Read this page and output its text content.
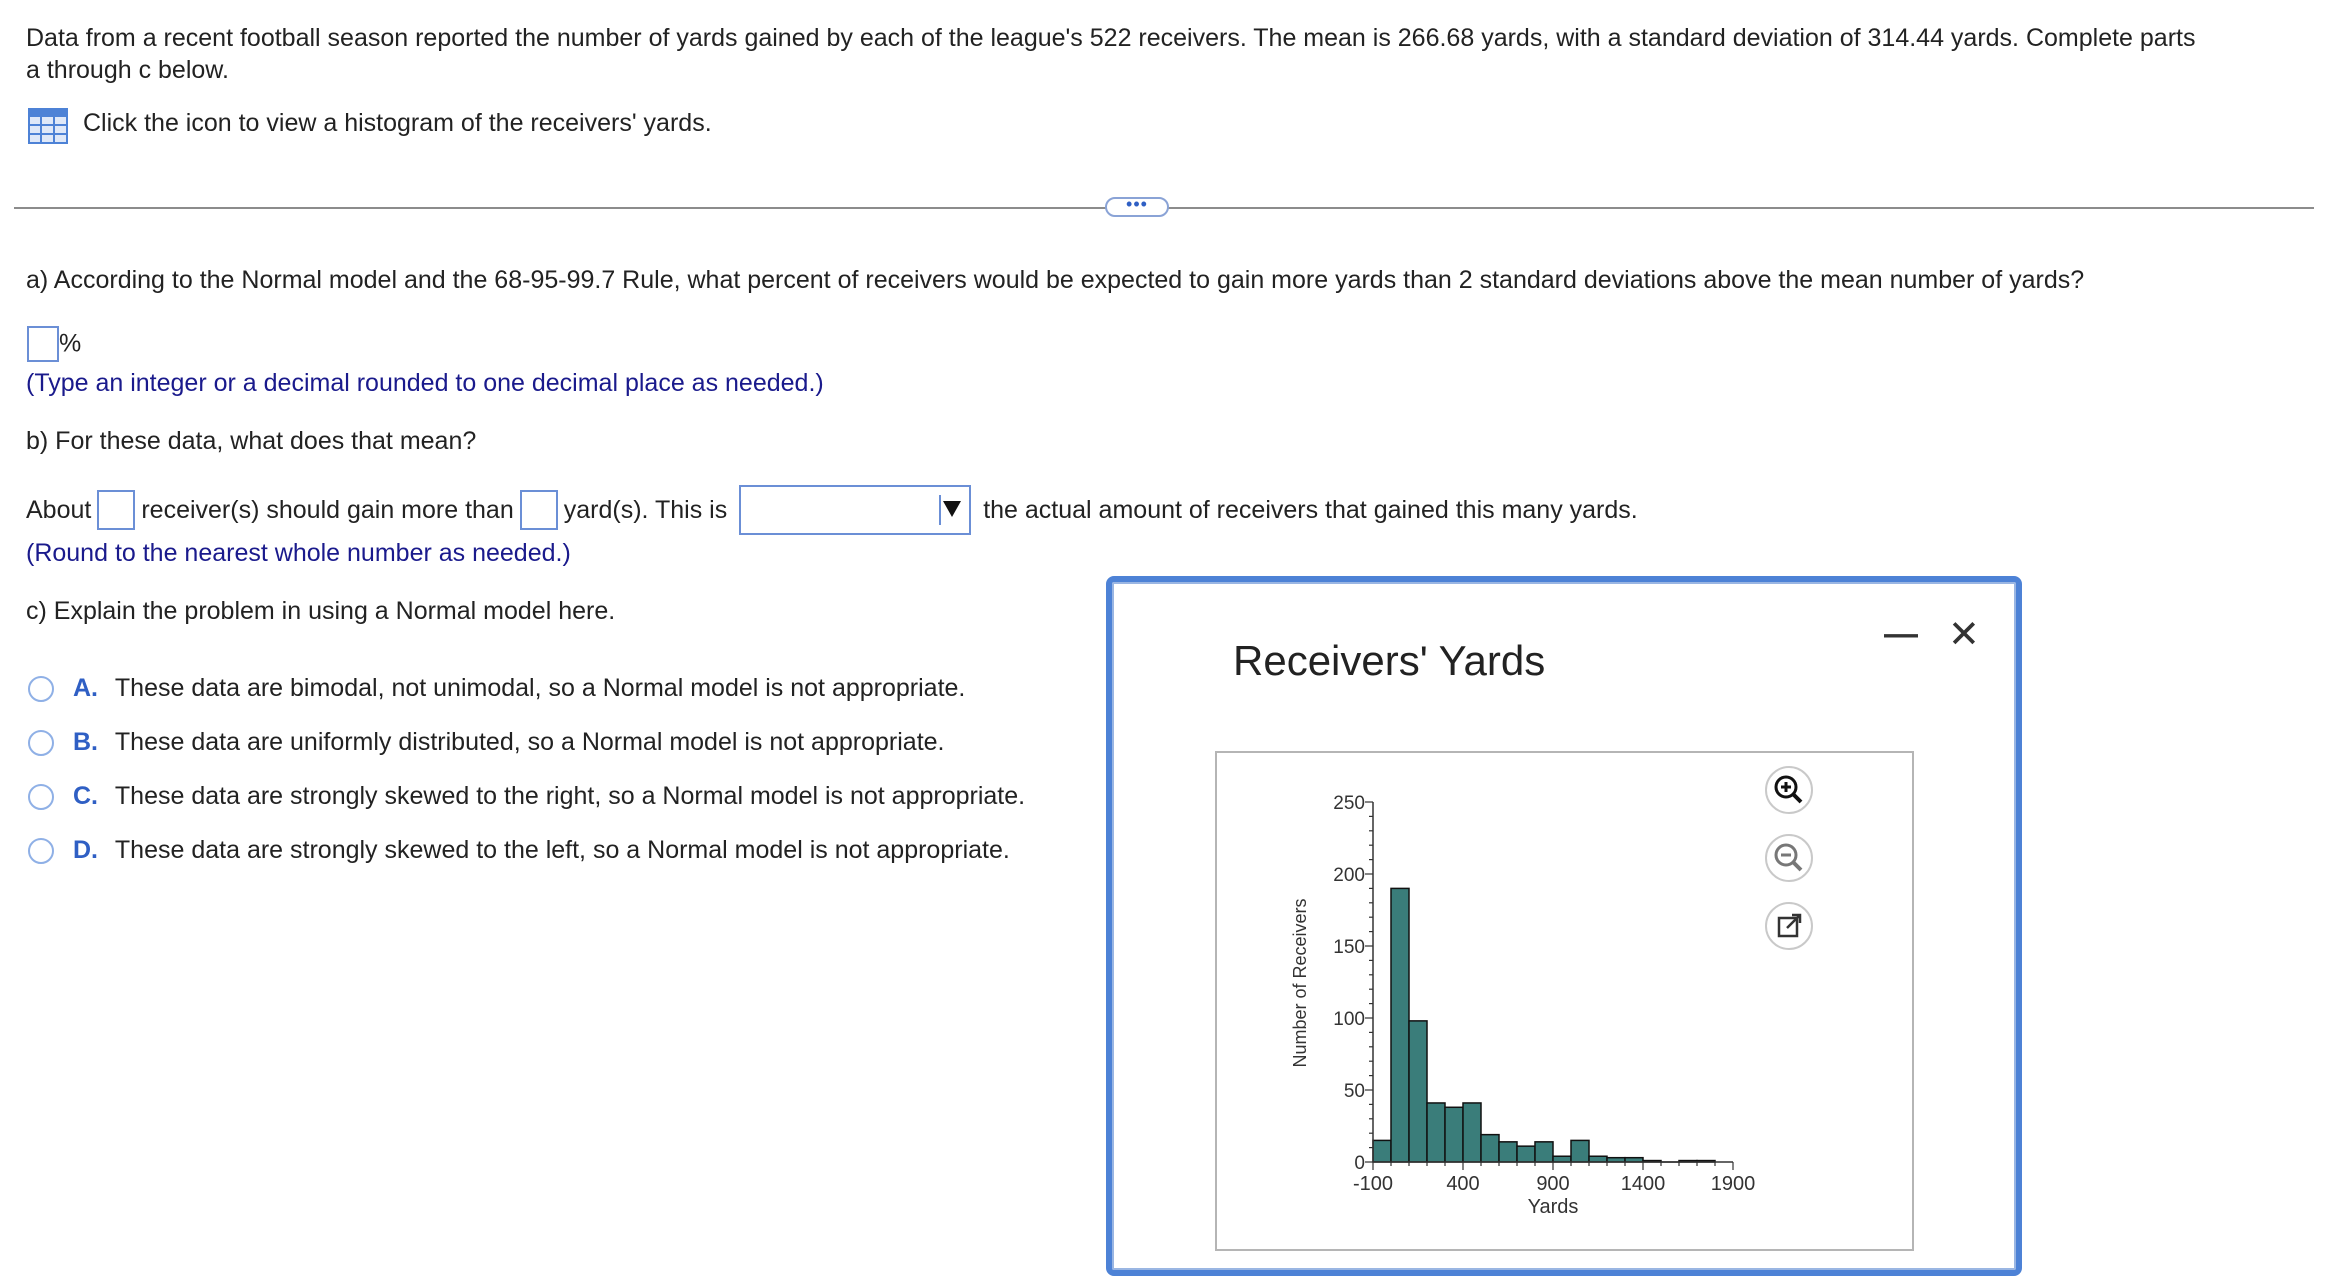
Data from a recent football season reported the number of yards gained by each of the league's 522 receivers. The mean is 266.68 yards, with a standard deviation of 314.44 yards. Complete parts
a through c below.
Click the icon to view a histogram of the receivers' yards.
•••
a) According to the Normal model and the 68-95-99.7 Rule, what percent of receivers would be expected to gain more yards than 2 standard deviations above the mean number of yards?
%
(Type an integer or a decimal rounded to one decimal place as needed.)
b) For these data, what does that mean?
About receiver(s) should gain more than yard(s). This is	the actual amount of receivers that gained this many yards.
(Round to the nearest whole number as needed.)
c) Explain the problem in using a Normal model here.
A. These data are bimodal, not unimodal, so a Normal model is not appropriate.
B. These data are uniformly distributed, so a Normal model is not appropriate.
C. These data are strongly skewed to the right, so a Normal model is not appropriate.
D. These data are strongly skewed to the left, so a Normal model is not appropriate.
Receivers' Yards
— ✕
0
50
100
150
200
250
-100	400	900	1400 1900
Number of Receivers
Yards
